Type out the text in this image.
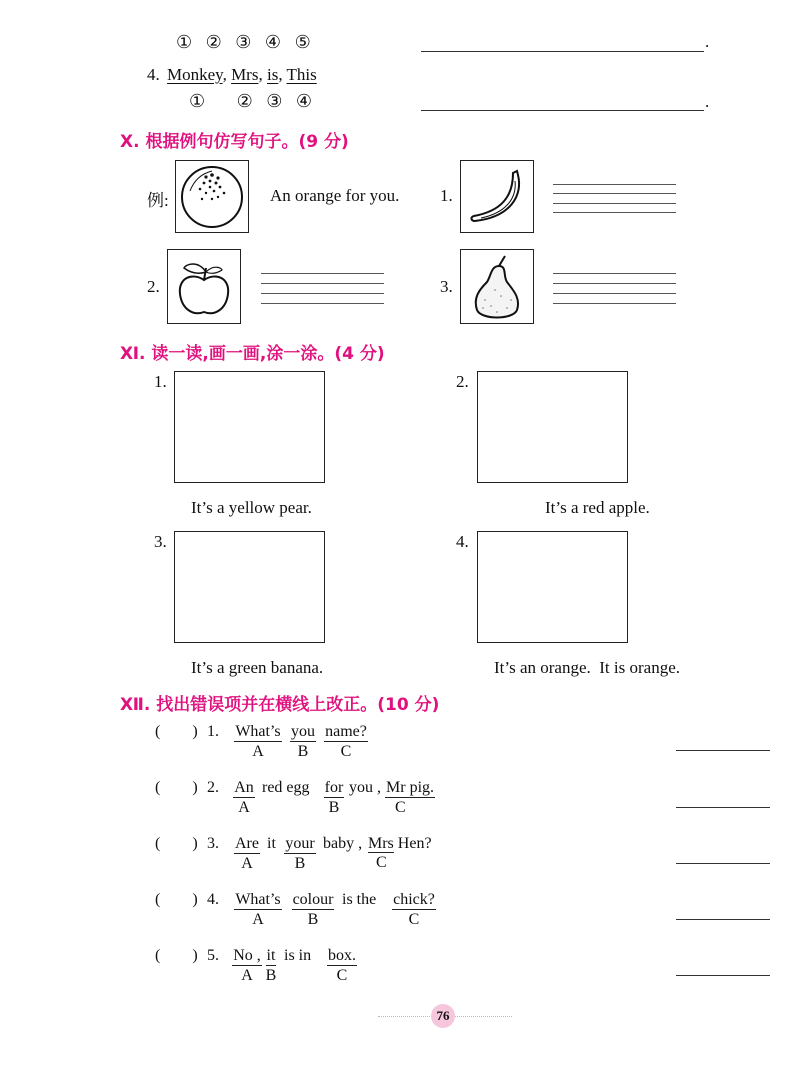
① ② ③ ④ ⑤	.
4. Monkey, Mrs, is, This
① ② ③ ④	.
Ⅹ. 根据例句仿写句子。(9 分)
例:	An orange for you. 1.
2.	3.
Ⅺ. 读一读,画一画,涂一涂。(4 分)
1.
It’s a yellow pear.
2.
It’s a red apple.
3.
It’s a green banana.
4.
It’s an orange.  It is orange.
Ⅻ. 找出错误项并在横线上改正。(10 分)
(        ) 1. What’s
A
you
B
name?
C
(        ) 2. An
A
red egg for
B
you , Mr pig.
C
(        ) 3. Are
A
it your
B
baby , Mrs Hen?
C
(        ) 4. What’s
A
colour
B
is the	chick?
C
(        ) 5. No ,
A
it
B
is in	box.
C
76
